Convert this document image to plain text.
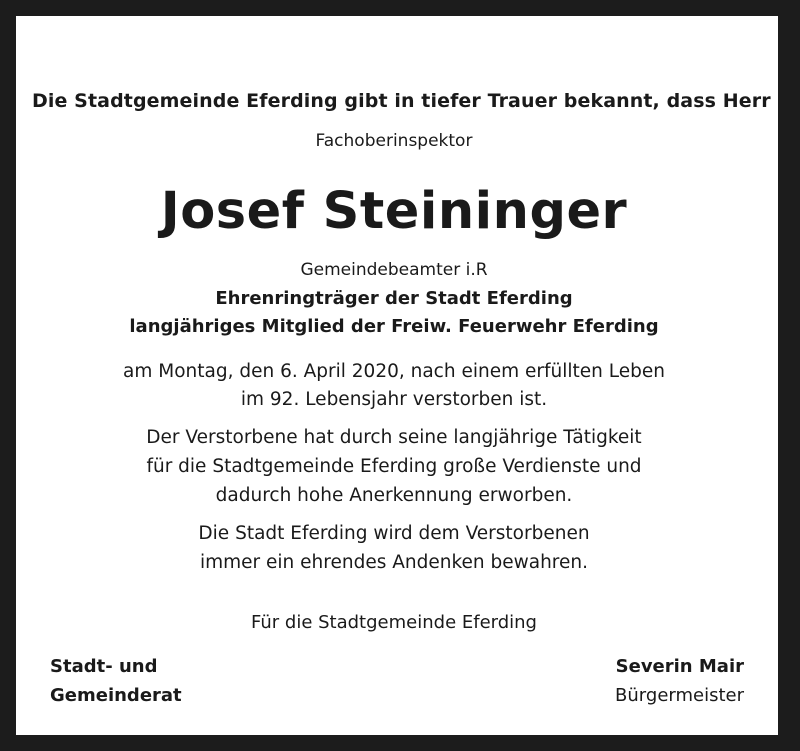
Die Stadtgemeinde Eferding gibt in tiefer Trauer bekannt, dass Herr
Fachoberinspektor
Josef Steininger
Gemeindebeamter i.R
Ehrenringträger der Stadt Eferding
langjähriges Mitglied der Freiw. Feuerwehr Eferding
am Montag, den 6. April 2020, nach einem erfüllten Leben
im 92. Lebensjahr verstorben ist.
Der Verstorbene hat durch seine langjährige Tätigkeit
für die Stadtgemeinde Eferding große Verdienste und
dadurch hohe Anerkennung erworben.
Die Stadt Eferding wird dem Verstorbenen
immer ein ehrendes Andenken bewahren.
Für die Stadtgemeinde Eferding
Stadt- und
Gemeinderat
Severin Mair
Bürgermeister
